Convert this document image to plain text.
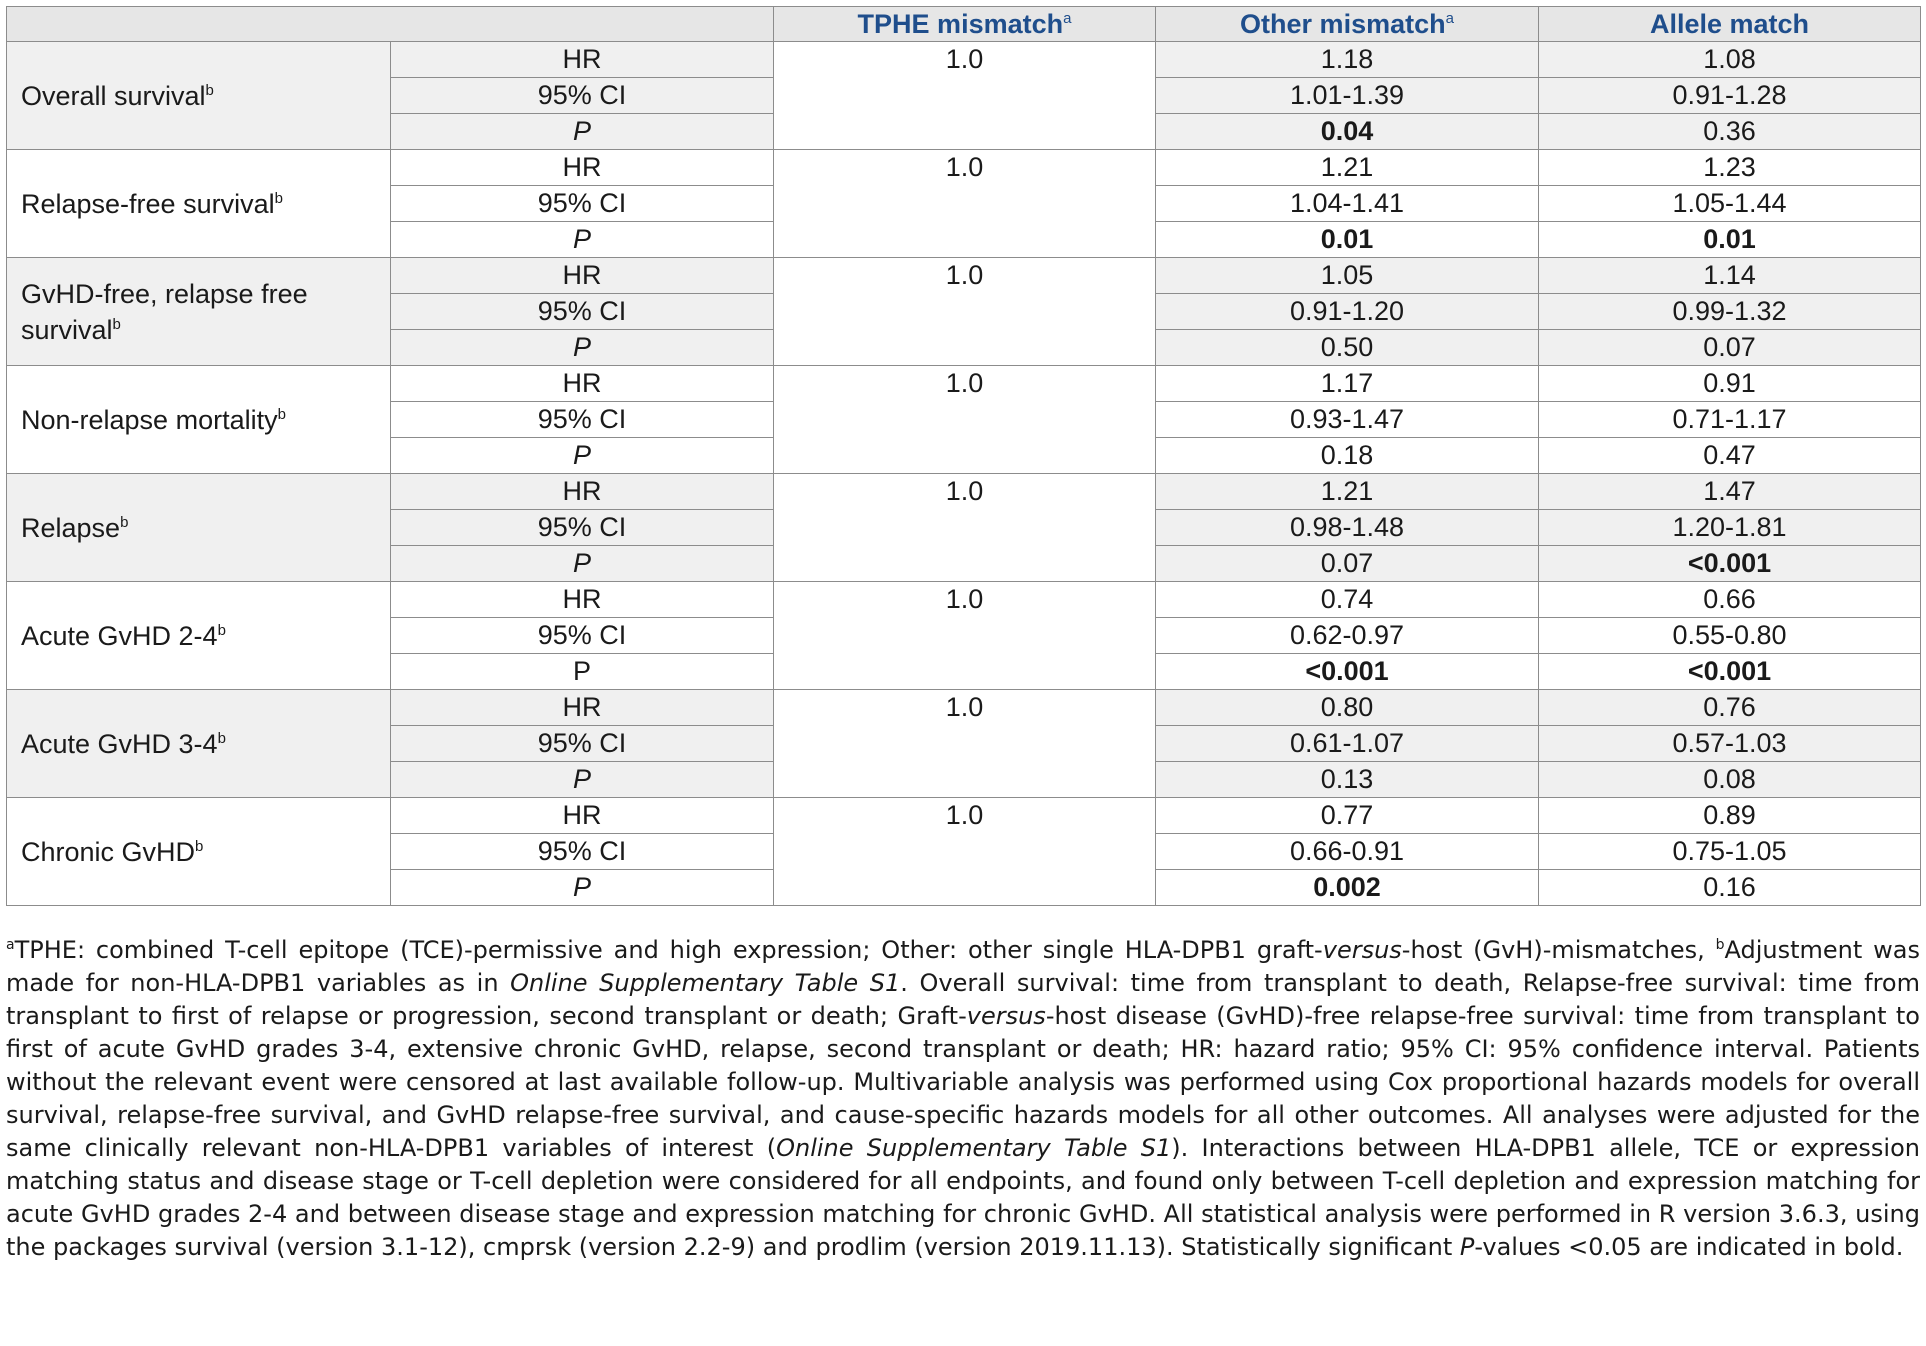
		TPHE mismatch$^a$	Other mismatch$^a$	Allele match
Overall survival$^b$	HR	1.0	1.18	1.08
	95% CI		1.01-1.39	0.91-1.28
	P		0.04	0.36
Relapse-free survival$^b$	HR	1.0	1.21	1.23
	95% CI		1.04-1.41	1.05-1.44
	P		0.01	0.01
GvHD-free, relapse free survival$^b$	HR	1.0	1.05	1.14
	95% CI		0.91-1.20	0.99-1.32
	P		0.50	0.07
Non-relapse mortality$^b$	HR	1.0	1.17	0.91
	95% CI		0.93-1.47	0.71-1.17
	P		0.18	0.47
Relapse$^b$	HR	1.0	1.21	1.47
	95% CI		0.98-1.48	1.20-1.81
	P		0.07	<0.001
Acute GvHD 2-4$^b$	HR	1.0	0.74	0.66
	95% CI		0.62-0.97	0.55-0.80
	P		<0.001	<0.001
Acute GvHD 3-4$^b$	HR	1.0	0.80	0.76
	95% CI		0.61-1.07	0.57-1.03
	P		0.13	0.08
Chronic GvHD$^b$	HR	1.0	0.77	0.89
	95% CI		0.66-0.91	0.75-1.05
	P		0.002	0.16

$^a$TPHE: combined T-cell epitope (TCE)-permissive and high expression; Other: other single HLA-DPB1 graft-versus-host (GvH)-mismatches, $^b$Adjustment was made for non-HLA-DPB1 variables as in Online Supplementary Table S1. Overall survival: time from transplant to death, Relapse-free survival: time from transplant to first of relapse or progression, second transplant or death; Graft-versus-host disease (GvHD)-free relapse-free survival: time from transplant to first of acute GvHD grades 3-4, extensive chronic GvHD, relapse, second transplant or death; HR: hazard ratio; 95% CI: 95% confidence interval. Patients without the relevant event were censored at last available follow-up. Multivariable analysis was performed using Cox proportional hazards models for overall survival, relapse-free survival, and GvHD relapse-free survival, and cause-specific hazards models for all other outcomes. All analyses were adjusted for the same clinically relevant non-HLA-DPB1 variables of interest (Online Supplementary Table S1). Interactions between HLA-DPB1 allele, TCE or expression matching status and disease stage or T-cell depletion were considered for all endpoints, and found only between T-cell depletion and expression matching for acute GvHD grades 2-4 and between disease stage and expression matching for chronic GvHD. All statistical analysis were performed in R version 3.6.3, using the packages survival (version 3.1-12), cmprsk (version 2.2-9) and prodlim (version 2019.11.13). Statistically significant P-values <0.05 are indicated in bold.
